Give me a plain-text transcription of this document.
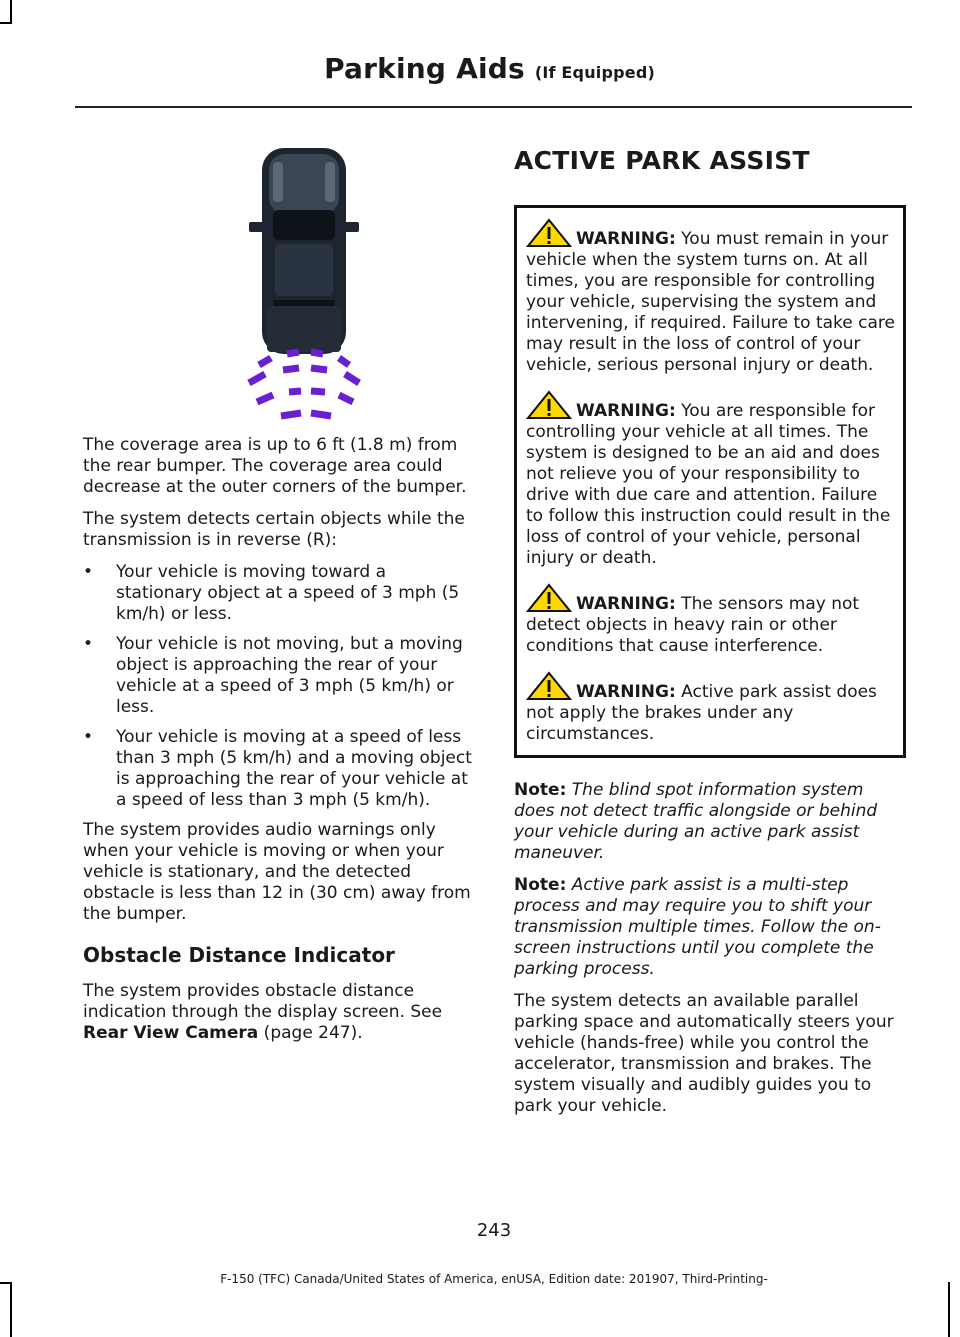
Parking Aids (If Equipped)

The coverage area is up to 6 ft (1.8 m) from the rear bumper. The coverage area could decrease at the outer corners of the bumper.

The system detects certain objects while the transmission is in reverse (R):

•	Your vehicle is moving toward a stationary object at a speed of 3 mph (5 km/h) or less.
•	Your vehicle is not moving, but a moving object is approaching the rear of your vehicle at a speed of 3 mph (5 km/h) or less.
•	Your vehicle is moving at a speed of less than 3 mph (5 km/h) and a moving object is approaching the rear of your vehicle at a speed of less than 3 mph (5 km/h).

The system provides audio warnings only when your vehicle is moving or when your vehicle is stationary, and the detected obstacle is less than 12 in (30 cm) away from the bumper.

Obstacle Distance Indicator

The system provides obstacle distance indication through the display screen. See Rear View Camera (page 247).

ACTIVE PARK ASSIST
WARNING: You must remain in your vehicle when the system turns on. At all times, you are responsible for controlling your vehicle, supervising the system and intervening, if required. Failure to take care may result in the loss of control of your vehicle, serious personal injury or death.
WARNING: You are responsible for controlling your vehicle at all times. The system is designed to be an aid and does not relieve you of your responsibility to drive with due care and attention. Failure to follow this instruction could result in the loss of control of your vehicle, personal injury or death.
WARNING: The sensors may not detect objects in heavy rain or other conditions that cause interference.
WARNING: Active park assist does not apply the brakes under any circumstances.
Note: The blind spot information system does not detect traffic alongside or behind your vehicle during an active park assist maneuver.
Note: Active park assist is a multi-step process and may require you to shift your transmission multiple times. Follow the on-screen instructions until you complete the parking process.

The system detects an available parallel parking space and automatically steers your vehicle (hands-free) while you control the accelerator, transmission and brakes. The system visually and audibly guides you to park your vehicle.

243
F-150 (TFC) Canada/United States of America, enUSA, Edition date: 201907, Third-Printing-
